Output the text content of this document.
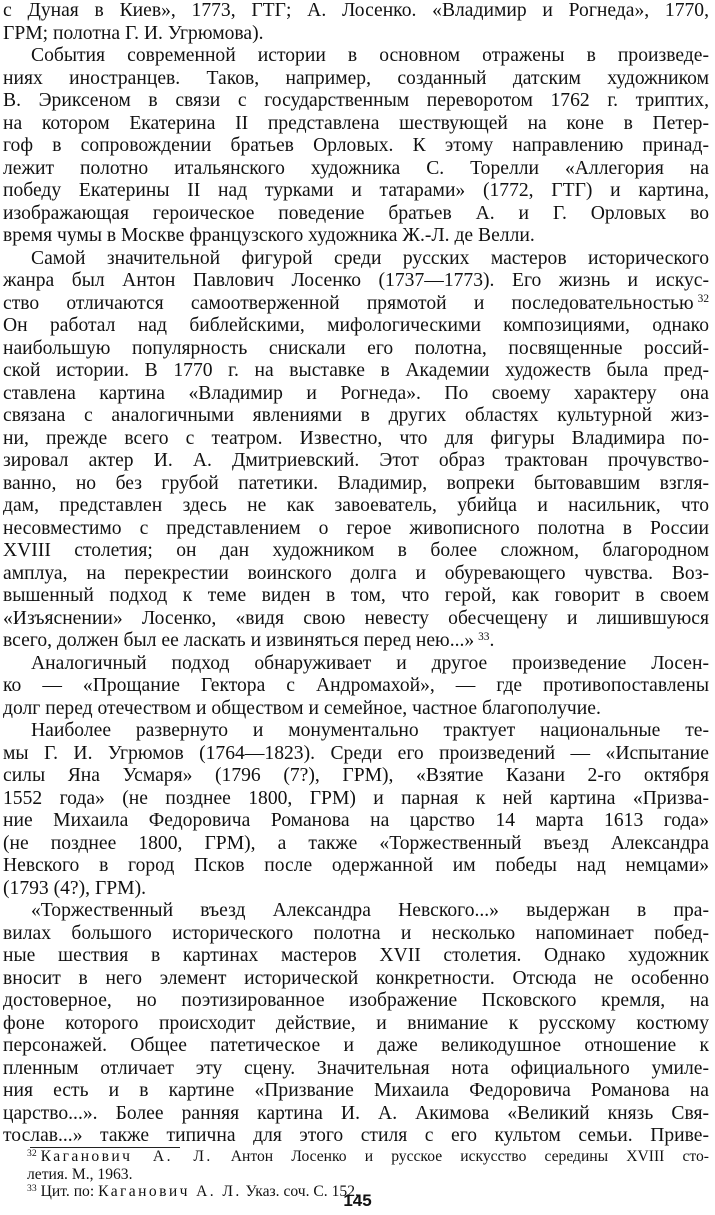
с Дуная в Киев», 1773, ГТГ; А. Лосенко. «Владимир и Рогнеда», 1770,
ГРМ; полотна Г. И. Угрюмова).
События современной истории в основном отражены в произведе-
ниях иностранцев. Таков, например, созданный датским художником
В. Эриксеном в связи с государственным переворотом 1762 г. триптих,
на котором Екатерина II представлена шествующей на коне в Петер-
гоф в сопровождении братьев Орловых. К этому направлению принад-
лежит полотно итальянского художника С. Торелли «Аллегория на
победу Екатерины II над турками и татарами» (1772, ГТГ) и картина,
изображающая героическое поведение братьев А. и Г. Орловых во
время чумы в Москве французского художника Ж.-Л. де Велли.
Самой значительной фигурой среди русских мастеров исторического
жанра был Антон Павлович Лосенко (1737—1773). Его жизнь и искус-
ство отличаются самоотверженной прямотой и последовательностью  $^{32}$
Он работал над библейскими, мифологическими композициями, однако
наибольшую популярность снискали его полотна, посвященные россий-
ской истории. В 1770 г. на выставке в Академии художеств была пред-
ставлена картина «Владимир и Рогнеда». По своему характеру она
связана с аналогичными явлениями в других областях культурной жиз-
ни, прежде всего с театром. Известно, что для фигуры Владимира по-
зировал актер И. А. Дмитриевский. Этот образ трактован прочувство-
ванно, но без грубой патетики. Владимир, вопреки бытовавшим взгля-
дам, представлен здесь не как завоеватель, убийца и насильник, что
несовместимо с представлением о герое живописного полотна в России
XVIII столетия; он дан художником в более сложном, благородном
амплуа, на перекрестии воинского долга и обуревающего чувства. Воз-
вышенный подход к теме виден в том, что герой, как говорит в своем
«Изъяснении» Лосенко, «видя свою невесту обесчещену и лишившуюся
всего, должен был ее ласкать и извиняться перед нею...»  $^{33}$.
Аналогичный подход обнаруживает и другое произведение Лосен-
ко — «Прощание Гектора с Андромахой», — где противопоставлены
долг перед отечеством и обществом и семейное, частное благополучие.
Наиболее развернуто и монументально трактует национальные те-
мы Г. И. Угрюмов (1764—1823). Среди его произведений — «Испытание
силы Яна Усмаря» (1796 (7?), ГРМ), «Взятие Казани 2-го октября
1552 года» (не позднее 1800, ГРМ) и парная к ней картина «Призва-
ние Михаила Федоровича Романова на царство 14 марта 1613 года»
(не позднее 1800, ГРМ), а также «Торжественный въезд Александра
Невского в город Псков после одержанной им победы над немцами»
(1793 (4?), ГРМ).
«Торжественный въезд Александра Невского...» выдержан в пра-
вилах большого исторического полотна и несколько напоминает побед-
ные шествия в картинах мастеров XVII столетия. Однако художник
вносит в него элемент исторической конкретности. Отсюда не особенно
достоверное, но поэтизированное изображение Псковского кремля, на
фоне которого происходит действие, и внимание к русскому костюму
персонажей. Общее патетическое и даже великодушное отношение к
пленным отличает эту сцену. Значительная нота официального умиле-
ния есть и в картине «Призвание Михаила Федоровича Романова на
царство...». Более ранняя картина И. А. Акимова «Великий князь Свя-
тослав...» также типична для этого стиля с его культом семьи. Приве-
$^{32}$ Каганович А. Л. Антон Лосенко и русское искусство середины XVIII сто-
летия. М., 1963.
$^{33}$ Цит. по: Каганович А. Л. Указ. соч. С. 152.
145
